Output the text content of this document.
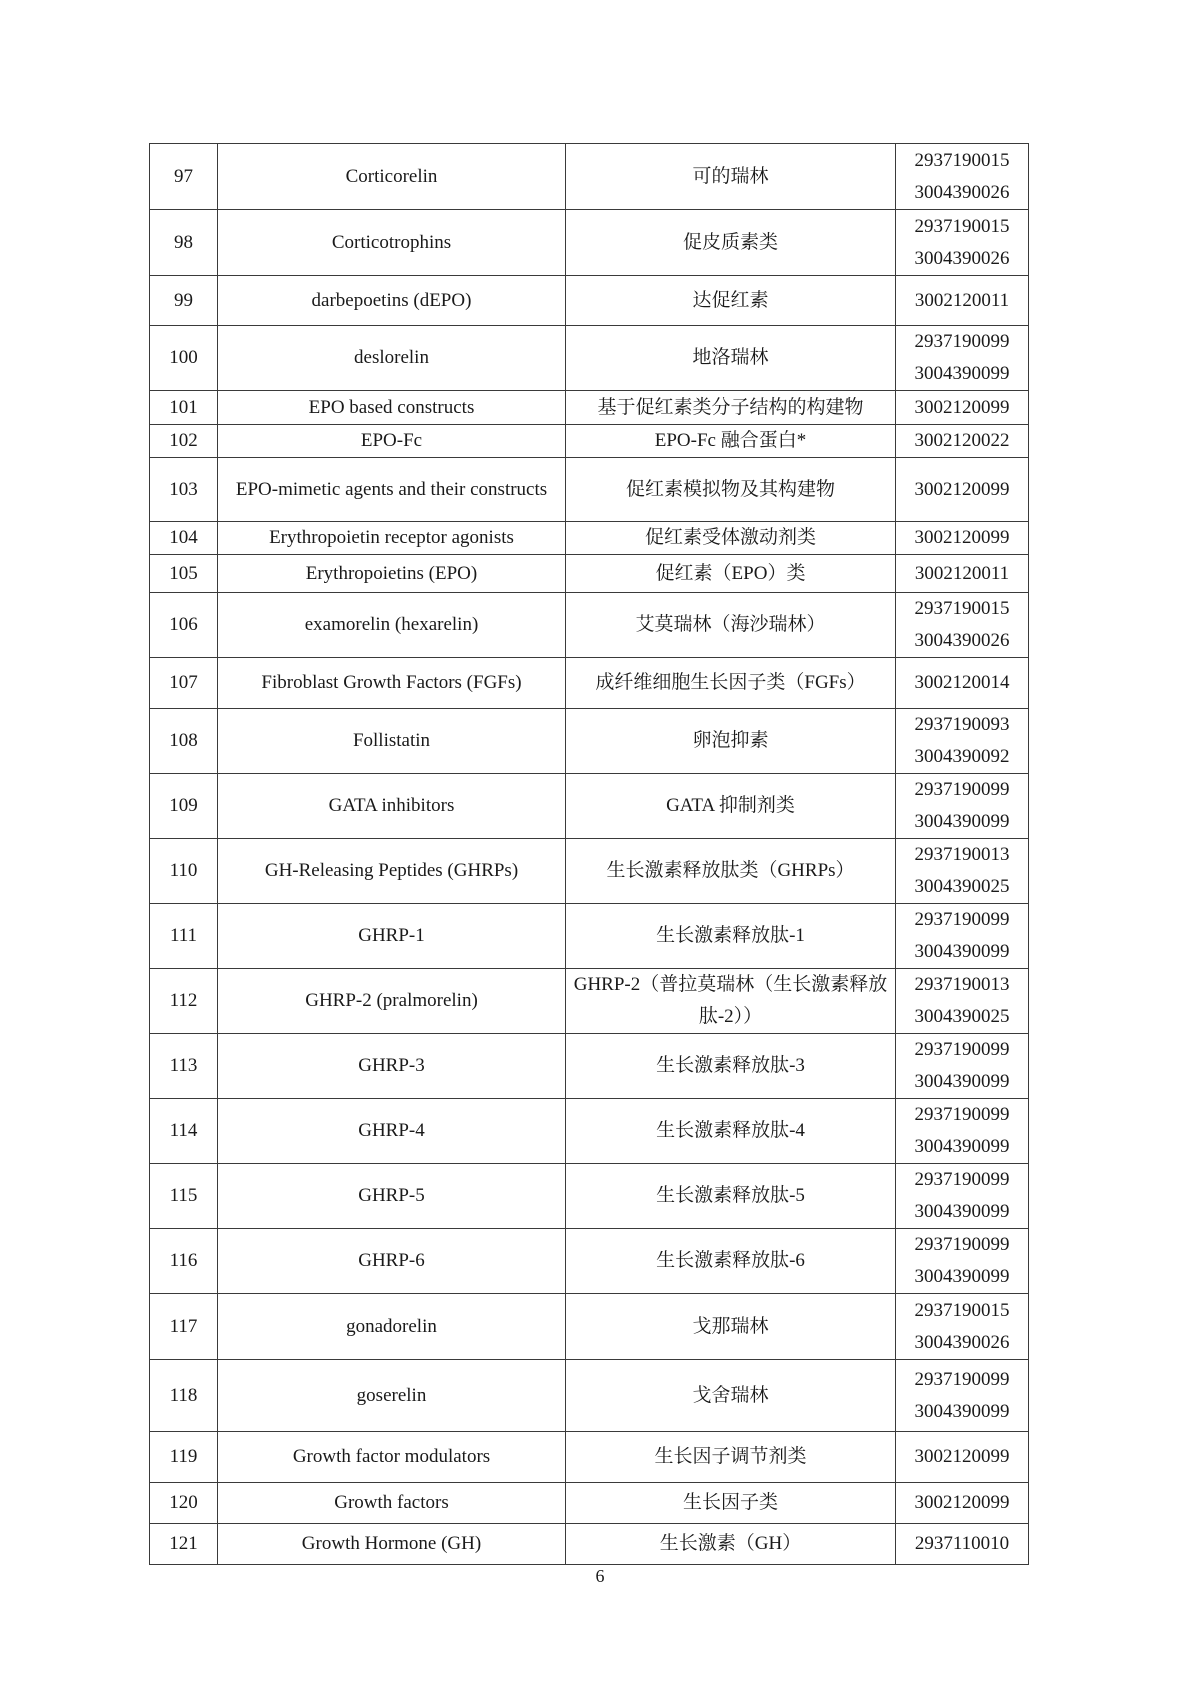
97	Corticorelin	可的瑞林	2937190015
3004390026

98	Corticotrophins	促皮质素类	2937190015
3004390026

99	darbepoetins (dEPO)	达促红素	3002120011

100	deslorelin	地洛瑞林	2937190099
3004390099

101	EPO based constructs	基于促红素类分子结构的构建物	3002120099

102	EPO-Fc	EPO-Fc 融合蛋白*	3002120022

103	EPO-mimetic agents and their constructs	促红素模拟物及其构建物	3002120099

104	Erythropoietin receptor agonists	促红素受体激动剂类	3002120099

105	Erythropoietins (EPO)	促红素（EPO）类	3002120011

106	examorelin (hexarelin)	艾莫瑞林（海沙瑞林）	2937190015
3004390026

107	Fibroblast Growth Factors (FGFs)	成纤维细胞生长因子类（FGFs）	3002120014

108	Follistatin	卵泡抑素	2937190093
3004390092

109	GATA inhibitors	GATA 抑制剂类	2937190099
3004390099

110	GH-Releasing Peptides (GHRPs)	生长激素释放肽类（GHRPs）	2937190013
3004390025

111	GHRP-1	生长激素释放肽-1	2937190099
3004390099

112	GHRP-2 (pralmorelin)	GHRP-2（普拉莫瑞林（生长激素释放肽-2））	2937190013
3004390025

113	GHRP-3	生长激素释放肽-3	2937190099
3004390099

114	GHRP-4	生长激素释放肽-4	2937190099
3004390099

115	GHRP-5	生长激素释放肽-5	2937190099
3004390099

116	GHRP-6	生长激素释放肽-6	2937190099
3004390099

117	gonadorelin	戈那瑞林	2937190015
3004390026

118	goserelin	戈舍瑞林	2937190099
3004390099

119	Growth factor modulators	生长因子调节剂类	3002120099

120	Growth factors	生长因子类	3002120099

121	Growth Hormone (GH)	生长激素（GH）	2937110010
6
